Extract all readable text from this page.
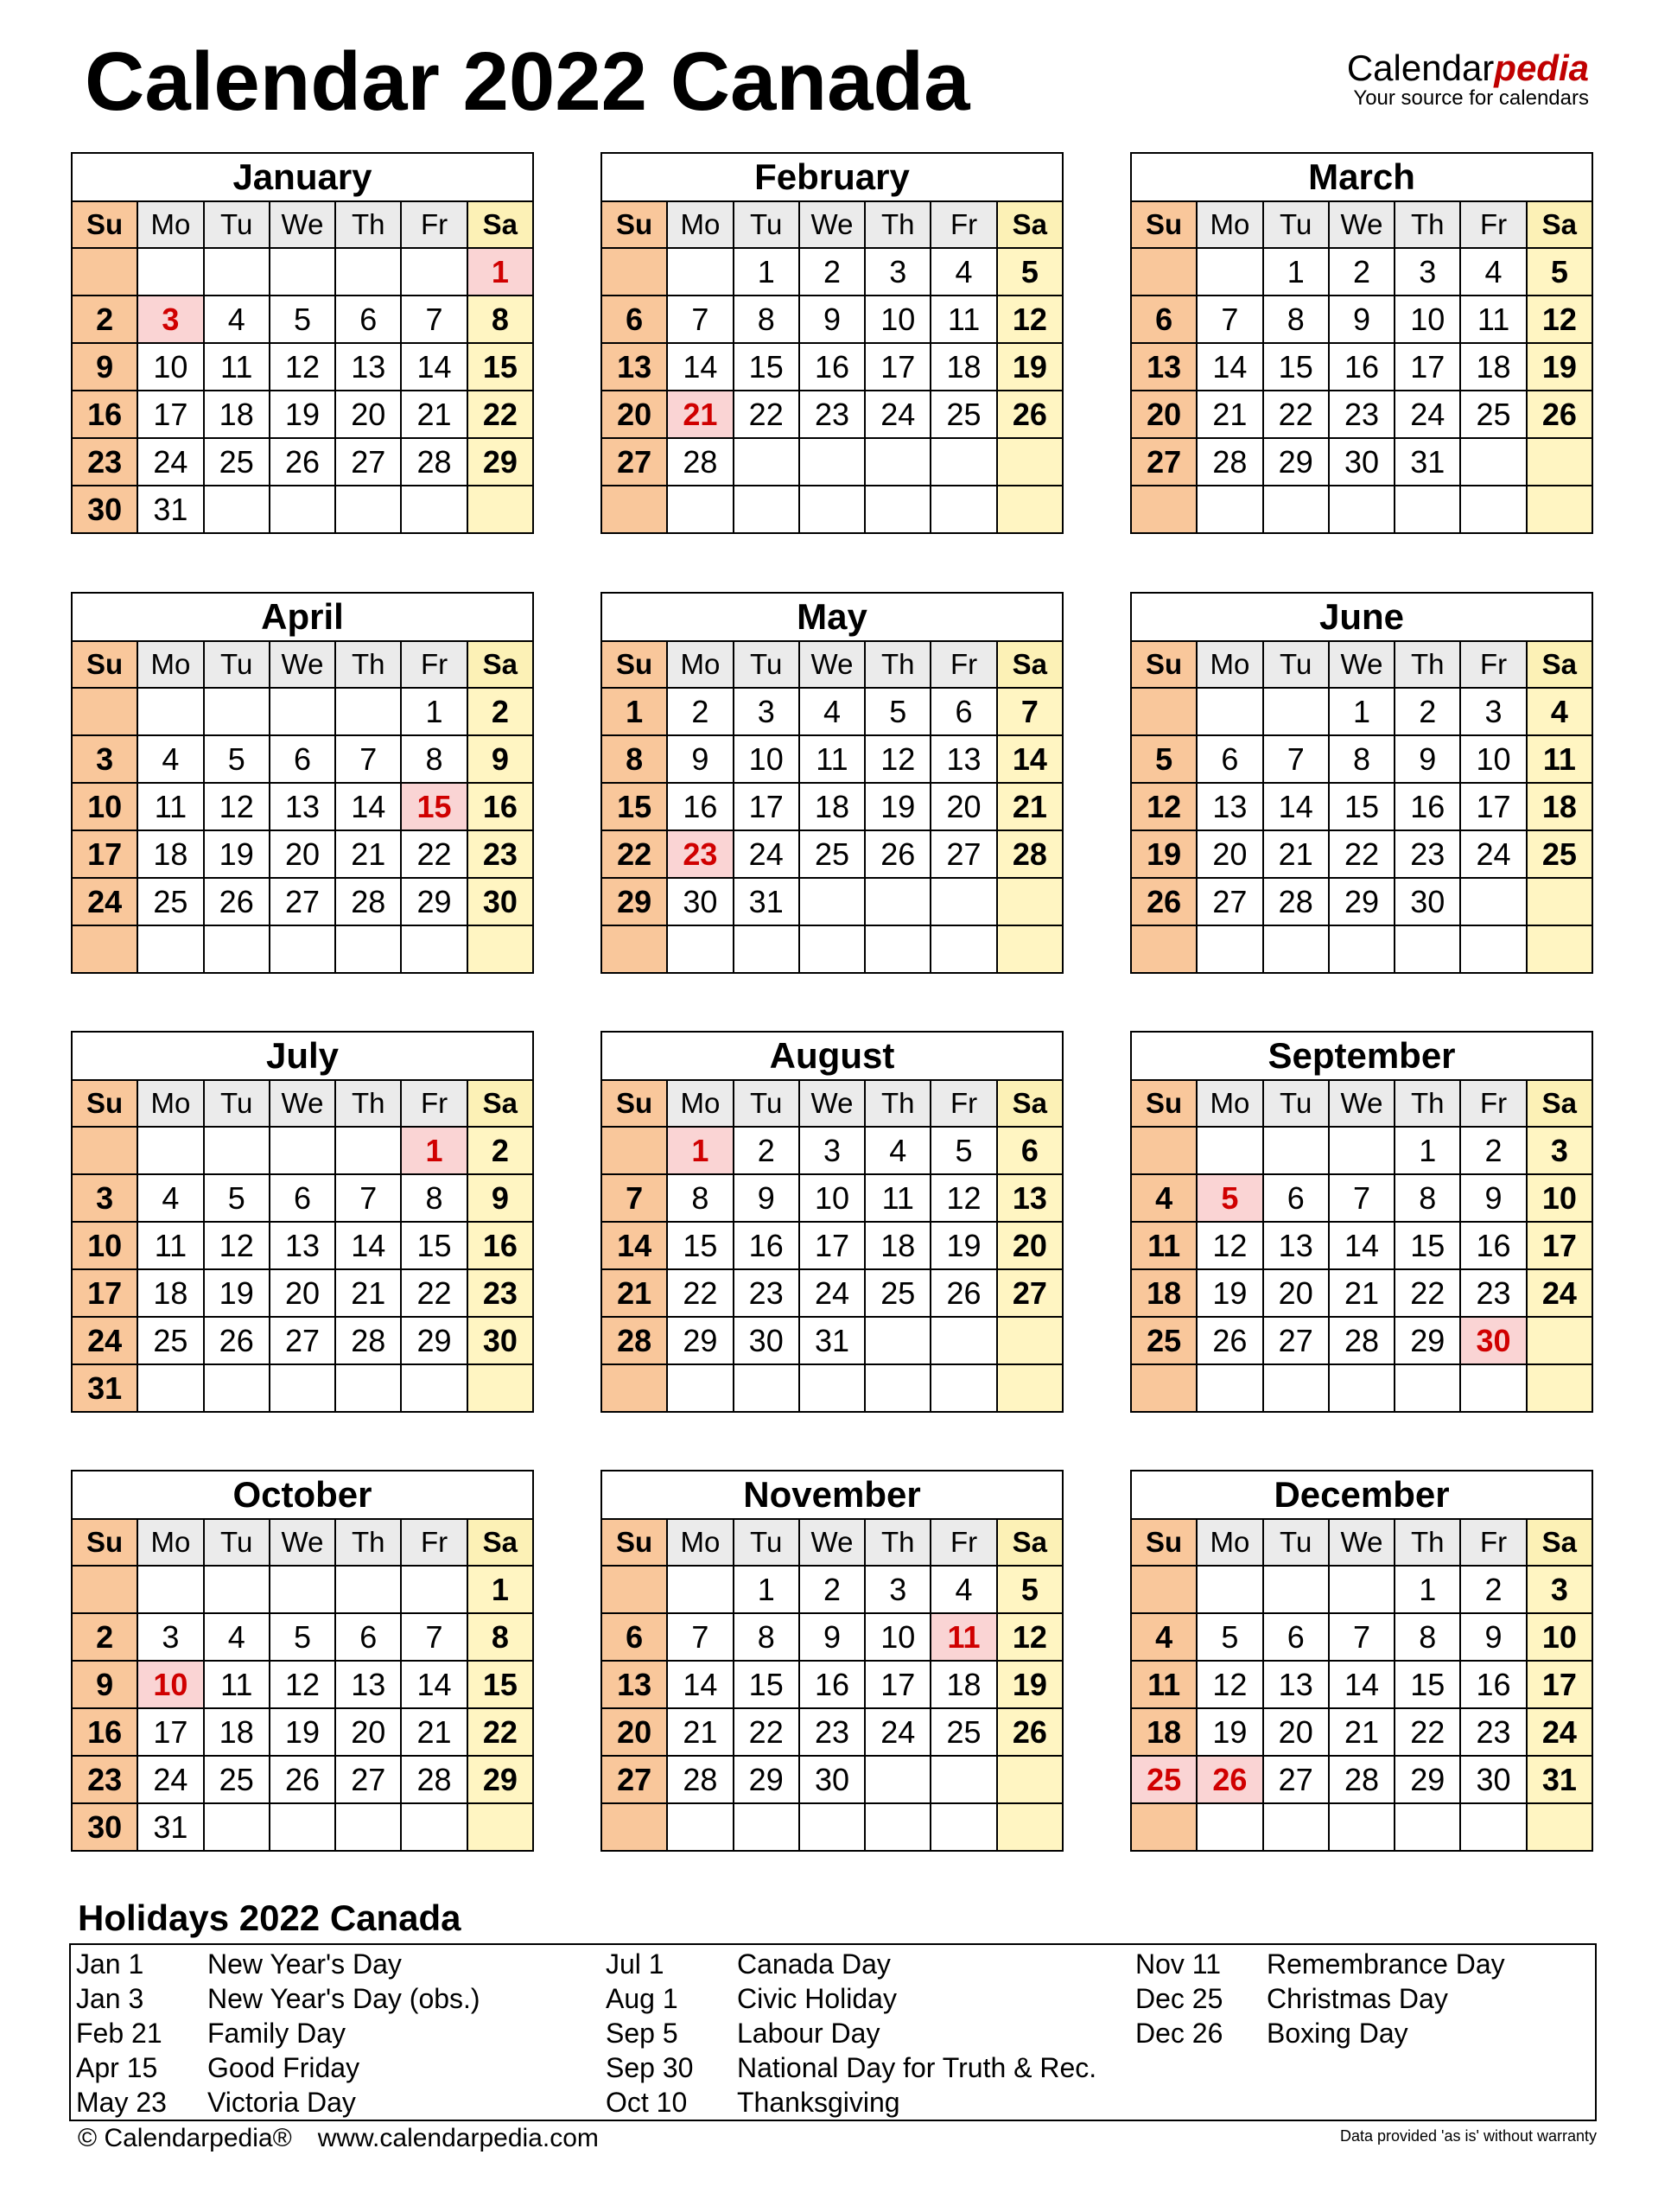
Calendar 2022 Canada	Calendarpedia
Your source for calendars
January						
Su	Mo	Tu	We	Th	Fr	Sa
						1
2	3	4	5	6	7	8
9	10	11	12	13	14	15
16	17	18	19	20	21	22
23	24	25	26	27	28	29
30	31					
February						
Su	Mo	Tu	We	Th	Fr	Sa
		1	2	3	4	5
6	7	8	9	10	11	12
13	14	15	16	17	18	19
20	21	22	23	24	25	26
27	28					

March						
Su	Mo	Tu	We	Th	Fr	Sa
		1	2	3	4	5
6	7	8	9	10	11	12
13	14	15	16	17	18	19
20	21	22	23	24	25	26
27	28	29	30	31		

April						
Su	Mo	Tu	We	Th	Fr	Sa
					1	2
3	4	5	6	7	8	9
10	11	12	13	14	15	16
17	18	19	20	21	22	23
24	25	26	27	28	29	30

May						
Su	Mo	Tu	We	Th	Fr	Sa
1	2	3	4	5	6	7
8	9	10	11	12	13	14
15	16	17	18	19	20	21
22	23	24	25	26	27	28
29	30	31				

June						
Su	Mo	Tu	We	Th	Fr	Sa
			1	2	3	4
5	6	7	8	9	10	11
12	13	14	15	16	17	18
19	20	21	22	23	24	25
26	27	28	29	30		

July						
Su	Mo	Tu	We	Th	Fr	Sa
					1	2
3	4	5	6	7	8	9
10	11	12	13	14	15	16
17	18	19	20	21	22	23
24	25	26	27	28	29	30
31						
August						
Su	Mo	Tu	We	Th	Fr	Sa
	1	2	3	4	5	6
7	8	9	10	11	12	13
14	15	16	17	18	19	20
21	22	23	24	25	26	27
28	29	30	31			

September						
Su	Mo	Tu	We	Th	Fr	Sa
				1	2	3
4	5	6	7	8	9	10
11	12	13	14	15	16	17
18	19	20	21	22	23	24
25	26	27	28	29	30	

October						
Su	Mo	Tu	We	Th	Fr	Sa
						1
2	3	4	5	6	7	8
9	10	11	12	13	14	15
16	17	18	19	20	21	22
23	24	25	26	27	28	29
30	31					
November						
Su	Mo	Tu	We	Th	Fr	Sa
		1	2	3	4	5
6	7	8	9	10	11	12
13	14	15	16	17	18	19
20	21	22	23	24	25	26
27	28	29	30			

December						
Su	Mo	Tu	We	Th	Fr	Sa
				1	2	3
4	5	6	7	8	9	10
11	12	13	14	15	16	17
18	19	20	21	22	23	24
25	26	27	28	29	30	31

Holidays 2022 Canada
Jan 1 New Year's Day
Jan 3 New Year's Day (obs.)
Feb 21 Family Day
Apr 15 Good Friday
May 23 Victoria Day
Jul 1	Canada Day
Aug 1 Civic Holiday
Sep 5 Labour Day
Sep 30 National Day for Truth & Rec.
Oct 10 Thanksgiving
Nov 11 Remembrance Day
Dec 25 Christmas Day
Dec 26 Boxing Day
© Calendarpedia® www.calendarpedia.com	Data provided 'as is' without warranty
